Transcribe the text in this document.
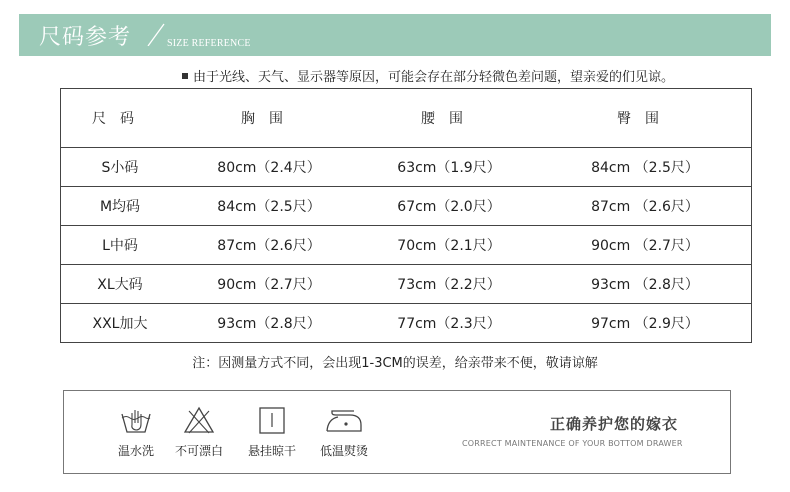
尺码参考	SIZE REFERENCE
由于光线、天气、显示器等原因，可能会存在部分轻微色差问题，望亲爱的们见谅。
尺码	胸围	腰围	臀围
S小码	80cm（2.4尺）	63cm（1.9尺）	84cm （2.5尺）
M均码	84cm（2.5尺）	67cm（2.0尺）	87cm （2.6尺）
L中码	87cm（2.6尺）	70cm（2.1尺）	90cm （2.7尺）
XL大码	90cm（2.7尺）	73cm（2.2尺）	93cm （2.8尺）
XXL加大	93cm（2.8尺）	77cm（2.3尺）	97cm （2.9尺）
注：因测量方式不同，会出现1-3CM的误差，给亲带来不便，敬请谅解
温水洗	不可漂白	悬挂晾干	低温熨烫
正确养护您的嫁衣
CORRECT MAINTENANCE OF YOUR BOTTOM DRAWER
